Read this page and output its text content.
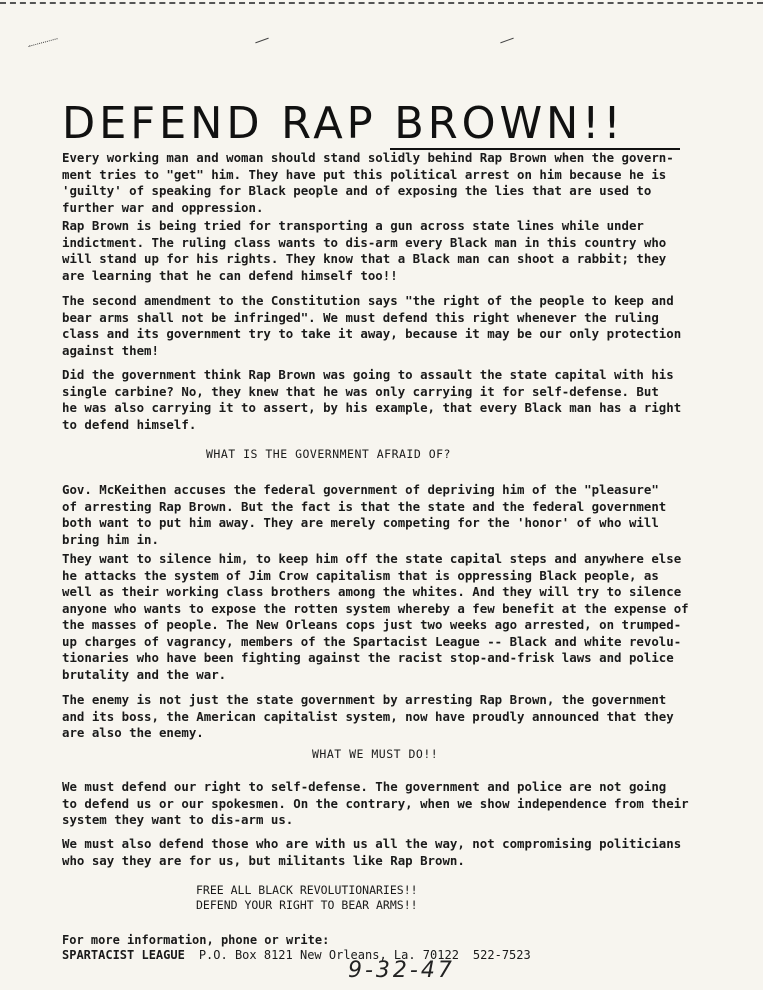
DEFEND RAP BROWN!!

Every working man and woman should stand solidly behind Rap Brown when the govern-
ment tries to "get" him. They have put this political arrest on him because he is
'guilty' of speaking for Black people and of exposing the lies that are used to
further war and oppression.

Rap Brown is being tried for transporting a gun across state lines while under
indictment. The ruling class wants to dis-arm every Black man in this country who
will stand up for his rights. They know that a Black man can shoot a rabbit; they
are learning that he can defend himself too!!

The second amendment to the Constitution says "the right of the people to keep and
bear arms shall not be infringed". We must defend this right whenever the ruling
class and its government try to take it away, because it may be our only protection
against them!

Did the government think Rap Brown was going to assault the state capital with his
single carbine? No, they knew that he was only carrying it for self-defense. But
he was also carrying it to assert, by his example, that every Black man has a right
to defend himself.

WHAT IS THE GOVERNMENT AFRAID OF?

Gov. McKeithen accuses the federal government of depriving him of the "pleasure"
of arresting Rap Brown. But the fact is that the state and the federal government
both want to put him away. They are merely competing for the 'honor' of who will
bring him in.

They want to silence him, to keep him off the state capital steps and anywhere else
he attacks the system of Jim Crow capitalism that is oppressing Black people, as
well as their working class brothers among the whites. And they will try to silence
anyone who wants to expose the rotten system whereby a few benefit at the expense of
the masses of people. The New Orleans cops just two weeks ago arrested, on trumped-
up charges of vagrancy, members of the Spartacist League -- Black and white revolu-
tionaries who have been fighting against the racist stop-and-frisk laws and police
brutality and the war.

The enemy is not just the state government by arresting Rap Brown, the government
and its boss, the American capitalist system, now have proudly announced that they
are also the enemy.

WHAT WE MUST DO!!

We must defend our right to self-defense. The government and police are not going
to defend us or our spokesmen. On the contrary, when we show independence from their
system they want to dis-arm us.

We must also defend those who are with us all the way, not compromising politicians
who say they are for us, but militants like Rap Brown.

FREE ALL BLACK REVOLUTIONARIES!!
DEFEND YOUR RIGHT TO BEAR ARMS!!

For more information, phone or write:
SPARTACIST LEAGUE P.O. Box 8121 New Orleans, La. 70122 522-7523
9-32-47
